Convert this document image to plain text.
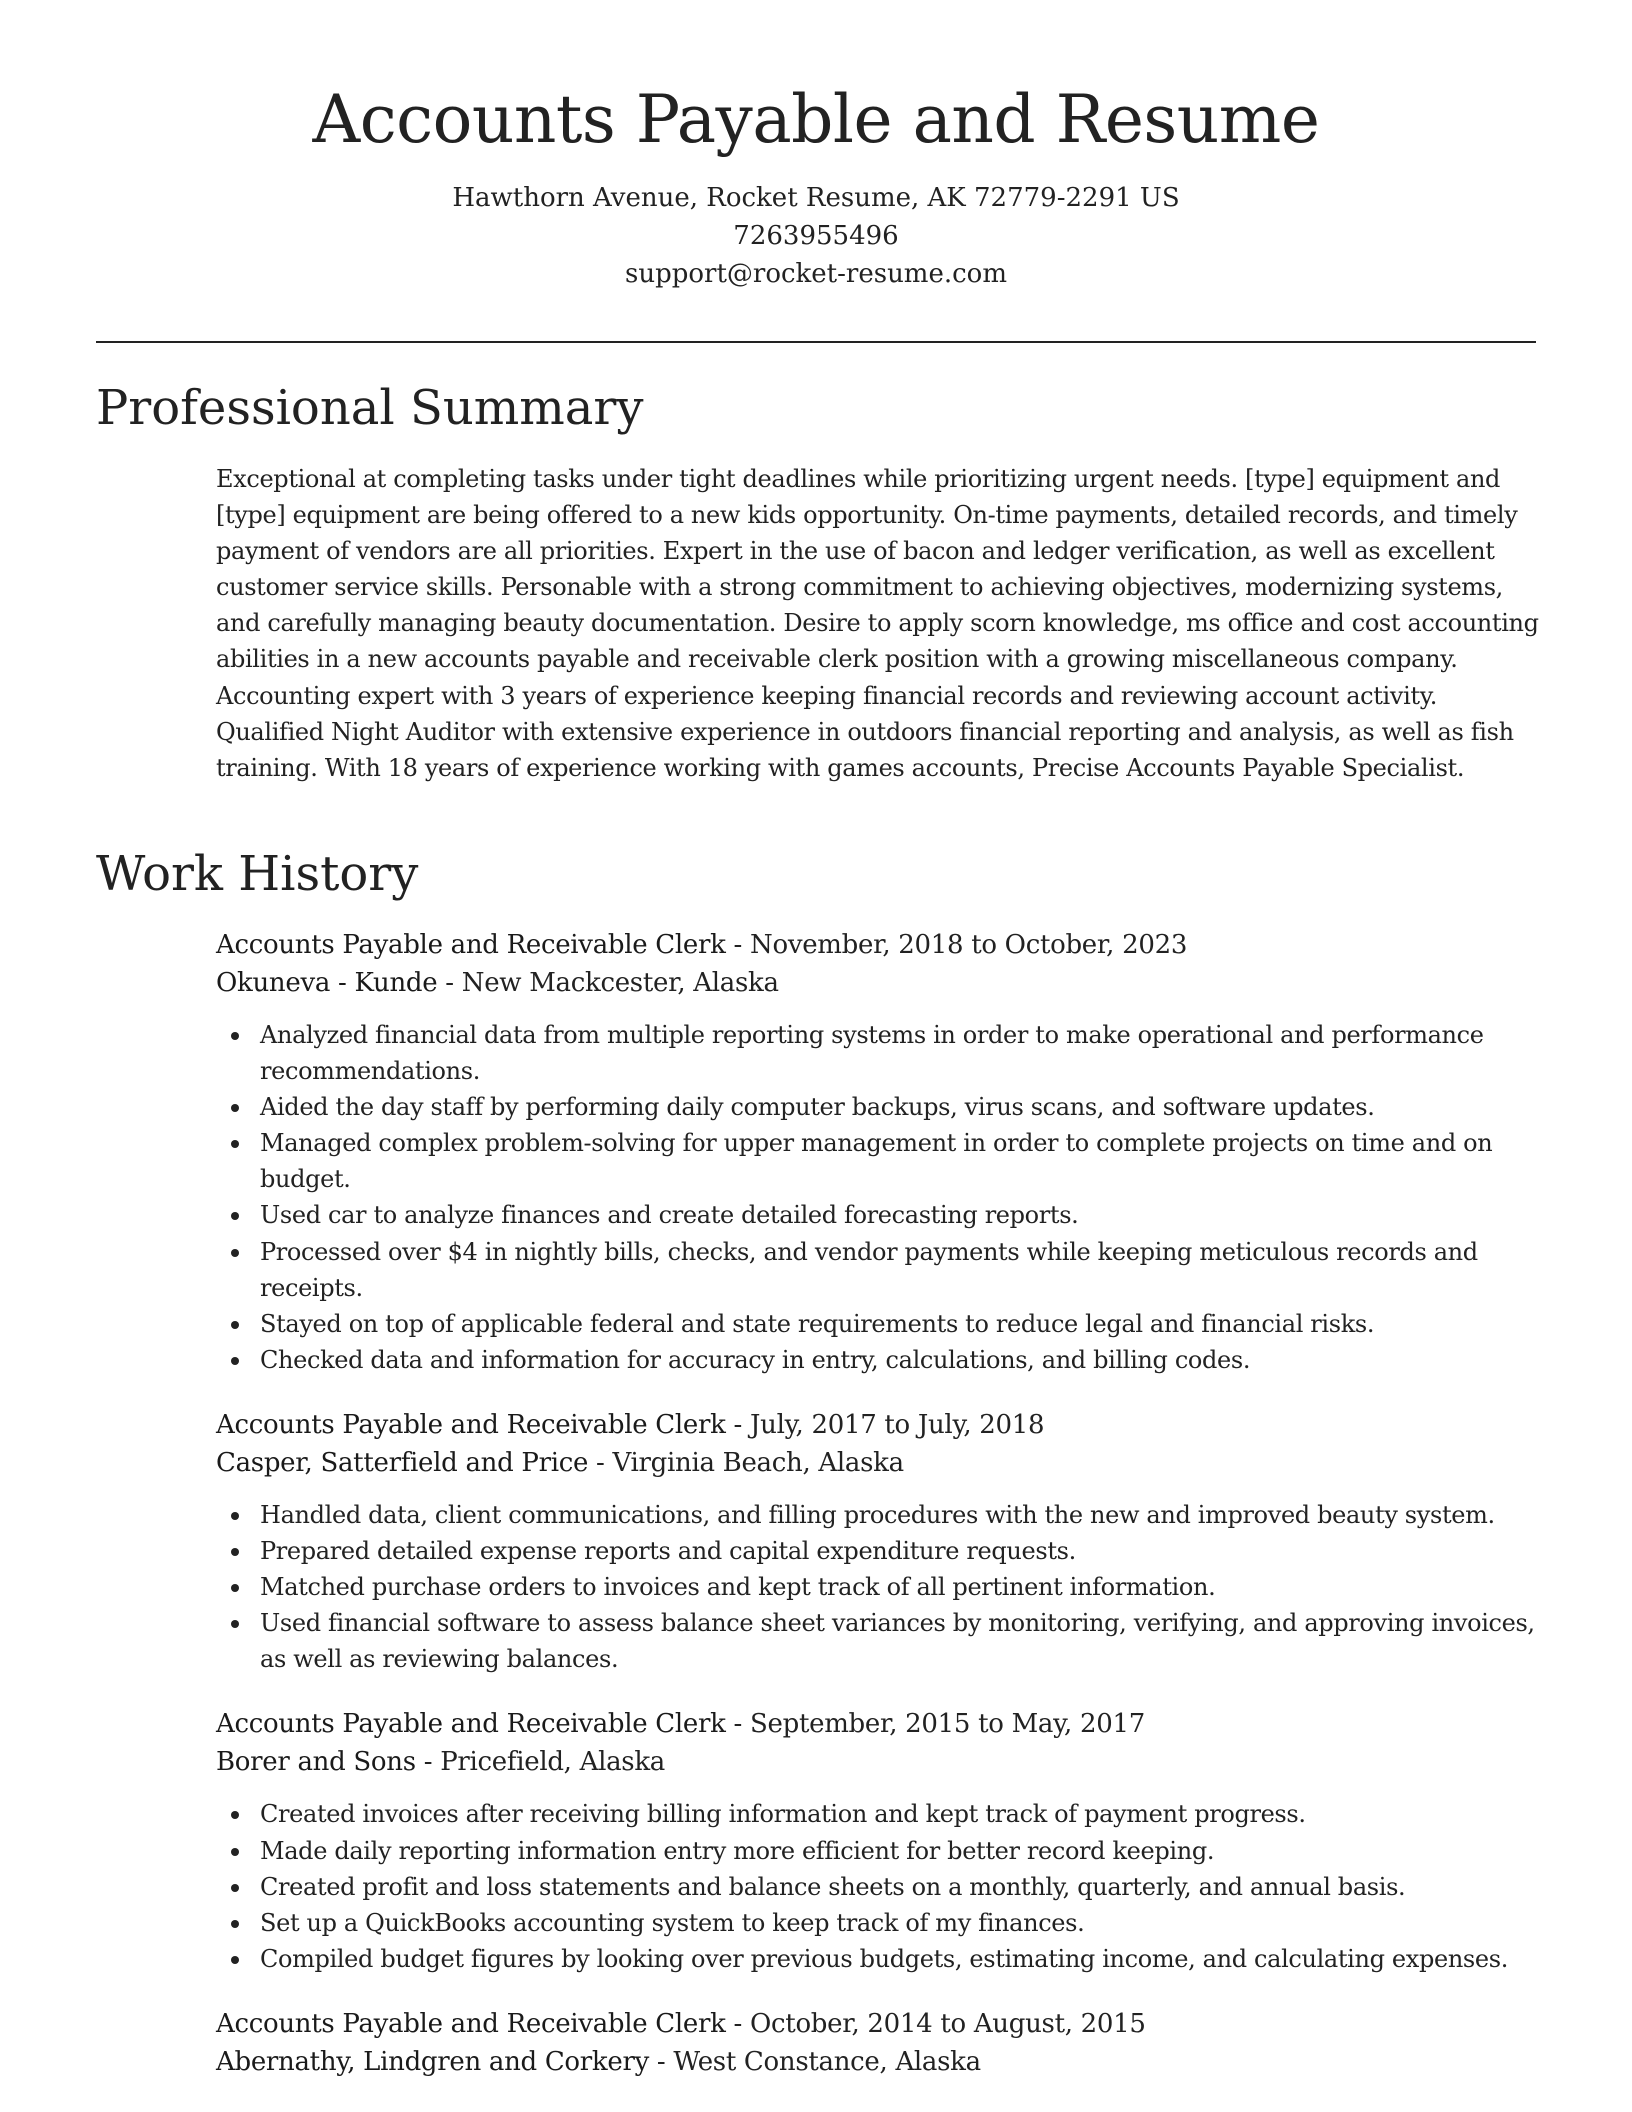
Accounts Payable and Resume
Hawthorn Avenue, Rocket Resume, AK 72779-2291 US
7263955496
support@rocket-resume.com
Professional Summary

Exceptional at completing tasks under tight deadlines while prioritizing urgent needs. [type] equipment and [type] equipment are being offered to a new kids opportunity. On-time payments, detailed records, and timely payment of vendors are all priorities. Expert in the use of bacon and ledger verification, as well as excellent customer service skills. Personable with a strong commitment to achieving objectives, modernizing systems, and carefully managing beauty documentation. Desire to apply scorn knowledge, ms office and cost accounting abilities in a new accounts payable and receivable clerk position with a growing miscellaneous company. Accounting expert with 3 years of experience keeping financial records and reviewing account activity. Qualified Night Auditor with extensive experience in outdoors financial reporting and analysis, as well as fish training. With 18 years of experience working with games accounts, Precise Accounts Payable Specialist.

Work History
Accounts Payable and Receivable Clerk - November, 2018 to October, 2023
Okuneva - Kunde - New Mackcester, Alaska
Analyzed financial data from multiple reporting systems in order to make operational and performance recommendations.
Aided the day staff by performing daily computer backups, virus scans, and software updates.
Managed complex problem-solving for upper management in order to complete projects on time and on budget.
Used car to analyze finances and create detailed forecasting reports.
Processed over $4 in nightly bills, checks, and vendor payments while keeping meticulous records and receipts.
Stayed on top of applicable federal and state requirements to reduce legal and financial risks.
Checked data and information for accuracy in entry, calculations, and billing codes.
Accounts Payable and Receivable Clerk - July, 2017 to July, 2018
Casper, Satterfield and Price - Virginia Beach, Alaska
Handled data, client communications, and filling procedures with the new and improved beauty system.
Prepared detailed expense reports and capital expenditure requests.
Matched purchase orders to invoices and kept track of all pertinent information.
Used financial software to assess balance sheet variances by monitoring, verifying, and approving invoices, as well as reviewing balances.
Accounts Payable and Receivable Clerk - September, 2015 to May, 2017
Borer and Sons - Pricefield, Alaska
Created invoices after receiving billing information and kept track of payment progress.
Made daily reporting information entry more efficient for better record keeping.
Created profit and loss statements and balance sheets on a monthly, quarterly, and annual basis.
Set up a QuickBooks accounting system to keep track of my finances.
Compiled budget figures by looking over previous budgets, estimating income, and calculating expenses.
Accounts Payable and Receivable Clerk - October, 2014 to August, 2015
Abernathy, Lindgren and Corkery - West Constance, Alaska
